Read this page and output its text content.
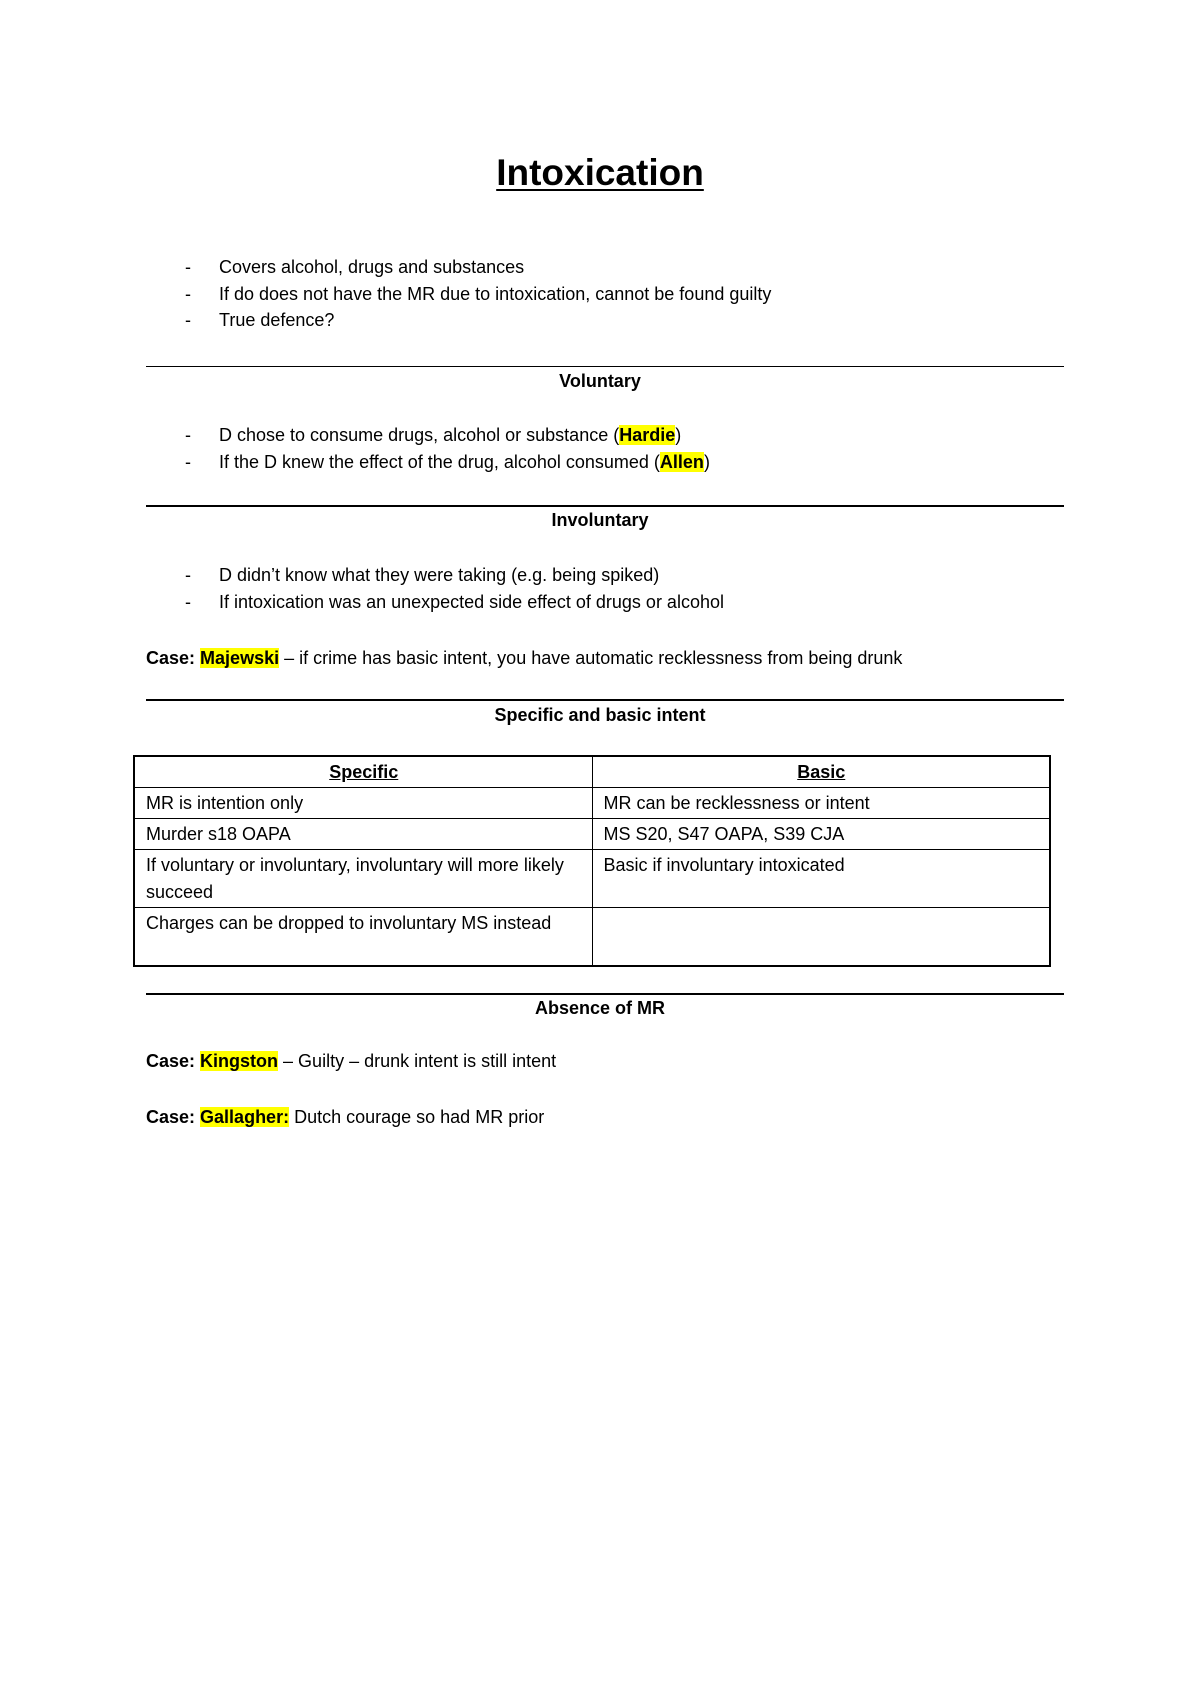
Intoxication
- Covers alcohol, drugs and substances
- If do does not have the MR due to intoxication, cannot be found guilty
- True defence?
Voluntary
- D chose to consume drugs, alcohol or substance (Hardie)
- If the D knew the effect of the drug, alcohol consumed (Allen)
Involuntary
- D didn’t know what they were taking (e.g. being spiked)
- If intoxication was an unexpected side effect of drugs or alcohol
Case: Majewski – if crime has basic intent, you have automatic recklessness from being drunk
Specific and basic intent
Specific	Basic
MR is intention only	MR can be recklessness or intent
Murder s18 OAPA	MS S20, S47 OAPA, S39 CJA
If voluntary or involuntary, involuntary will more likely succeed	Basic if involuntary intoxicated
Charges can be dropped to involuntary MS instead	
Absence of MR
Case: Kingston – Guilty – drunk intent is still intent
Case: Gallagher: Dutch courage so had MR prior
